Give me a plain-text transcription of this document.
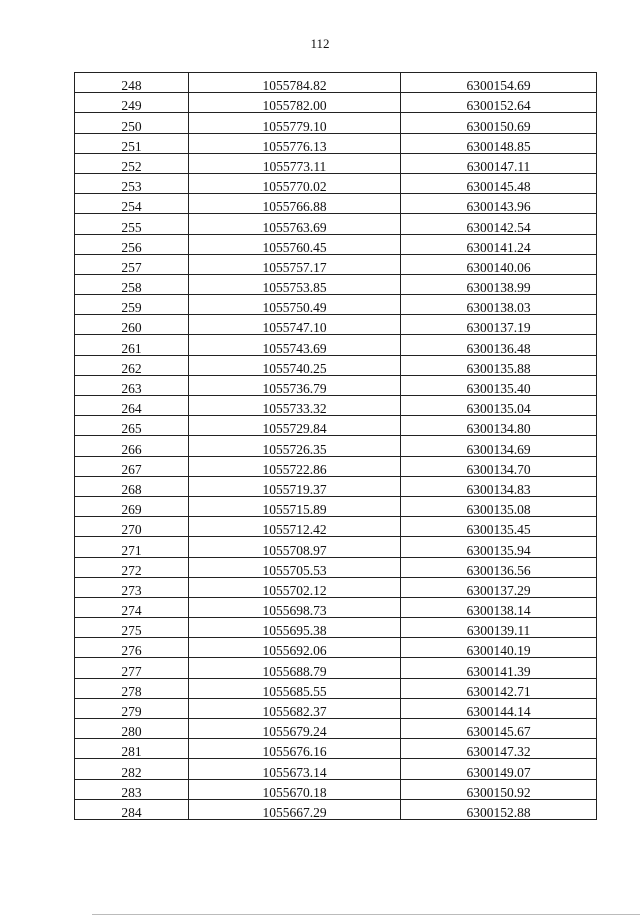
112
248	1055784.82	6300154.69
249	1055782.00	6300152.64
250	1055779.10	6300150.69
251	1055776.13	6300148.85
252	1055773.11	6300147.11
253	1055770.02	6300145.48
254	1055766.88	6300143.96
255	1055763.69	6300142.54
256	1055760.45	6300141.24
257	1055757.17	6300140.06
258	1055753.85	6300138.99
259	1055750.49	6300138.03
260	1055747.10	6300137.19
261	1055743.69	6300136.48
262	1055740.25	6300135.88
263	1055736.79	6300135.40
264	1055733.32	6300135.04
265	1055729.84	6300134.80
266	1055726.35	6300134.69
267	1055722.86	6300134.70
268	1055719.37	6300134.83
269	1055715.89	6300135.08
270	1055712.42	6300135.45
271	1055708.97	6300135.94
272	1055705.53	6300136.56
273	1055702.12	6300137.29
274	1055698.73	6300138.14
275	1055695.38	6300139.11
276	1055692.06	6300140.19
277	1055688.79	6300141.39
278	1055685.55	6300142.71
279	1055682.37	6300144.14
280	1055679.24	6300145.67
281	1055676.16	6300147.32
282	1055673.14	6300149.07
283	1055670.18	6300150.92
284	1055667.29	6300152.88
